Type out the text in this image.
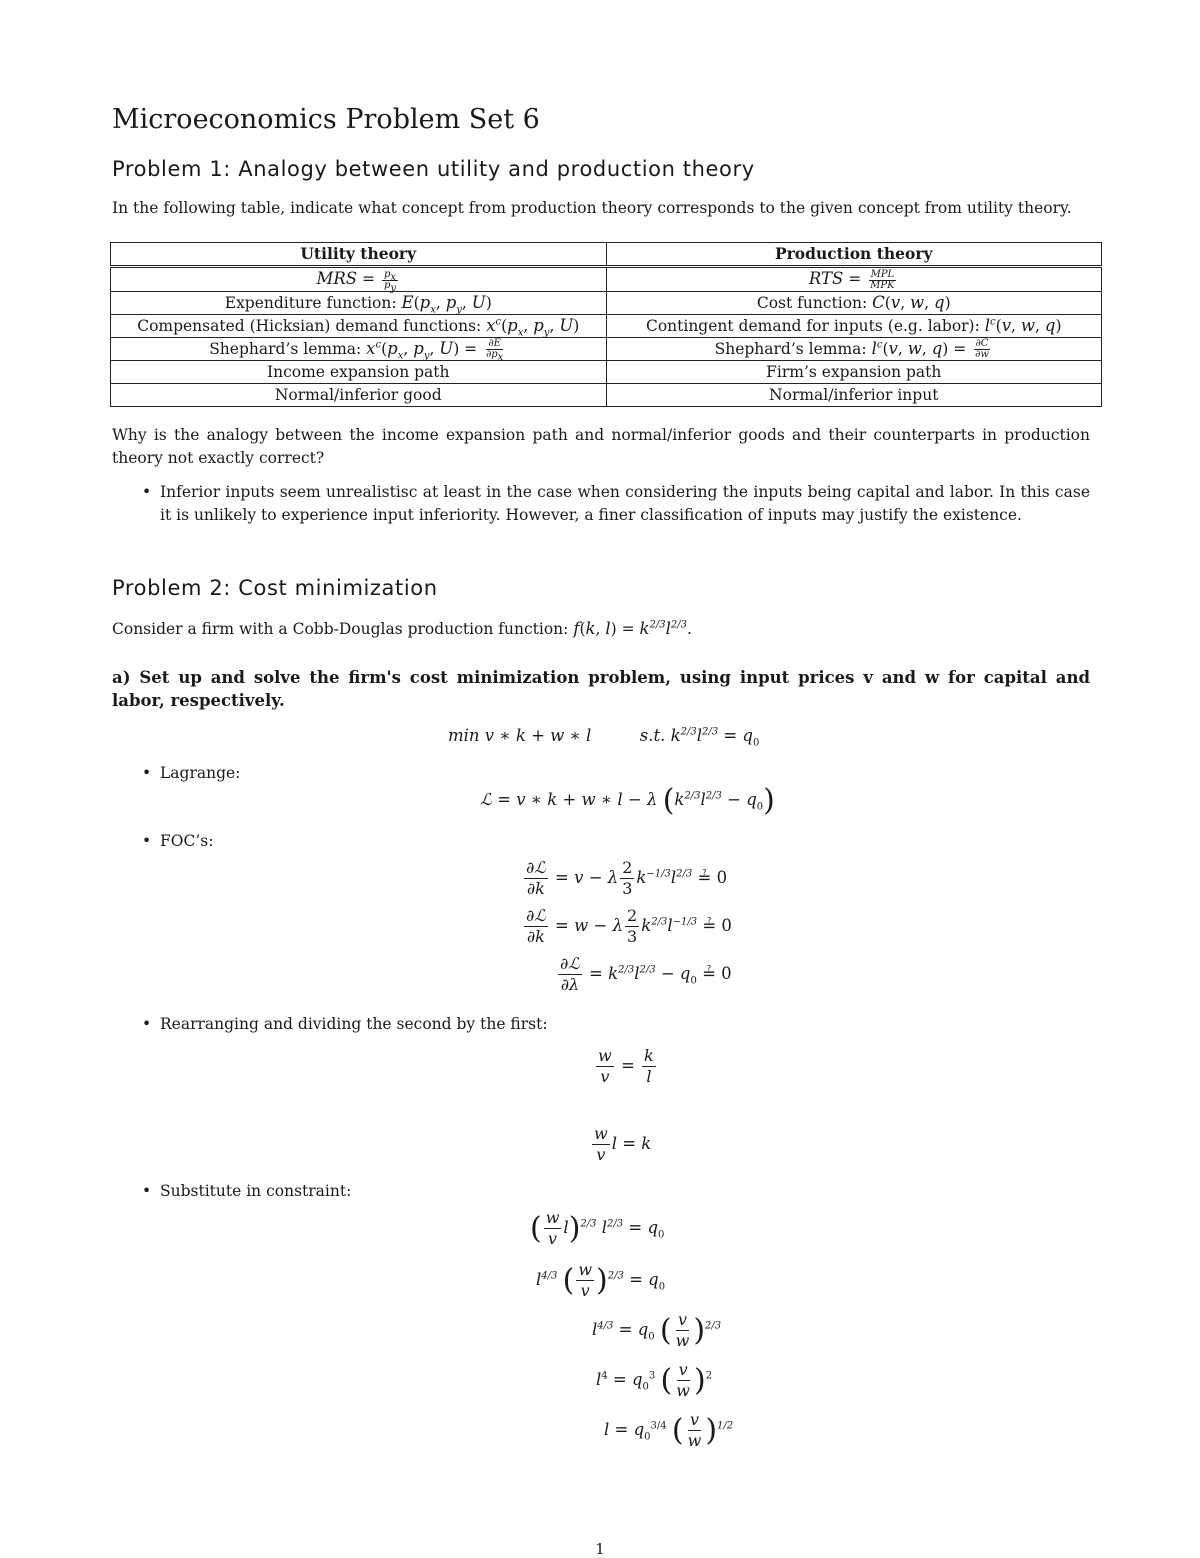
Microeconomics Problem Set 6
Problem 1: Analogy between utility and production theory
In the following table, indicate what concept from production theory corresponds to the given concept from utility theory.
Utility theory	Production theory
MRS = $\frac{p_x}{p_y}$	RTS = $\frac{\text{MPL}}{\text{MPK}}$

Expenditure function: $E(p_x$, $p_y$, U)	Cost function: C(v, w, q)
Compensated (Hicksian) demand functions: $x^c(p_x$, $p_y$, U)	Contingent demand for inputs (e.g. labor): $l^c(v$, w, q)
Shephard’s lemma: $x^c(p_x$, $p_y$, $U) = \frac{\partial E}{\partial p_x}$	Shephard’s lemma: $l^c(v$, w, $q) = \frac{\partial C}{\partial w}$

Income expansion path	Firm’s expansion path
Normal/inferior good	Normal/inferior input
Why is the analogy between the income expansion path and normal/inferior goods and their counterparts in production theory not exactly correct?
• Inferior inputs seem unrealistisc at least in the case when considering the inputs being capital and labor. In this case it is unlikely to experience input inferiority. However, a finer classification of inputs may justify the existence.
Problem 2: Cost minimization
Consider a firm with a Cobb-Douglas production function: f(k, $l) = k^{2/3}l^{2/3}$.
a) Set up and solve the firm's cost minimization problem, using input prices v and w for capital and labor, respectively.
min v ∗ k + w ∗ l	s.t. $k^{2/3}l^{2/3} = q_0$
• Lagrange:
ℒ = v ∗ k + w ∗ l − λ $(k^{2/3}l^{2/3} - q_0)$
• FOC’s:
$\frac{\text{∂ℒ}}{\partial k} = v - \lambda \frac{2}{3} k^{-1/3}l^{2/3}$ ≟ 0
$\frac{\text{∂ℒ}}{\partial k} = w - \lambda \frac{2}{3} k^{2/3}l^{-1/3}$ ≟ 0
$\frac{\text{∂ℒ}}{\partial\lambda} = k^{2/3}l^{2/3} - q_0$ ≟ 0
• Rearranging and dividing the second by the first:
$\frac{w}{v} = \frac{k}{l}$
$\frac{w}{v}$ l = k
• Substitute in constraint:
( $\frac{w}{v} l)^{2/3}$ $l^{2/3} = q_0$
$l^{4/3}$ ( $\frac{w}{v} )^{2/3} = q_0$
$l^{4/3} = q_0$ ( $\frac{v}{w} )^{2/3}$
$l^4 = q_0^3$ ( $\frac{v}{w} )^2$
$l = q_0^{3/4}$ ( $\frac{v}{w} )^{1/2}$
1
